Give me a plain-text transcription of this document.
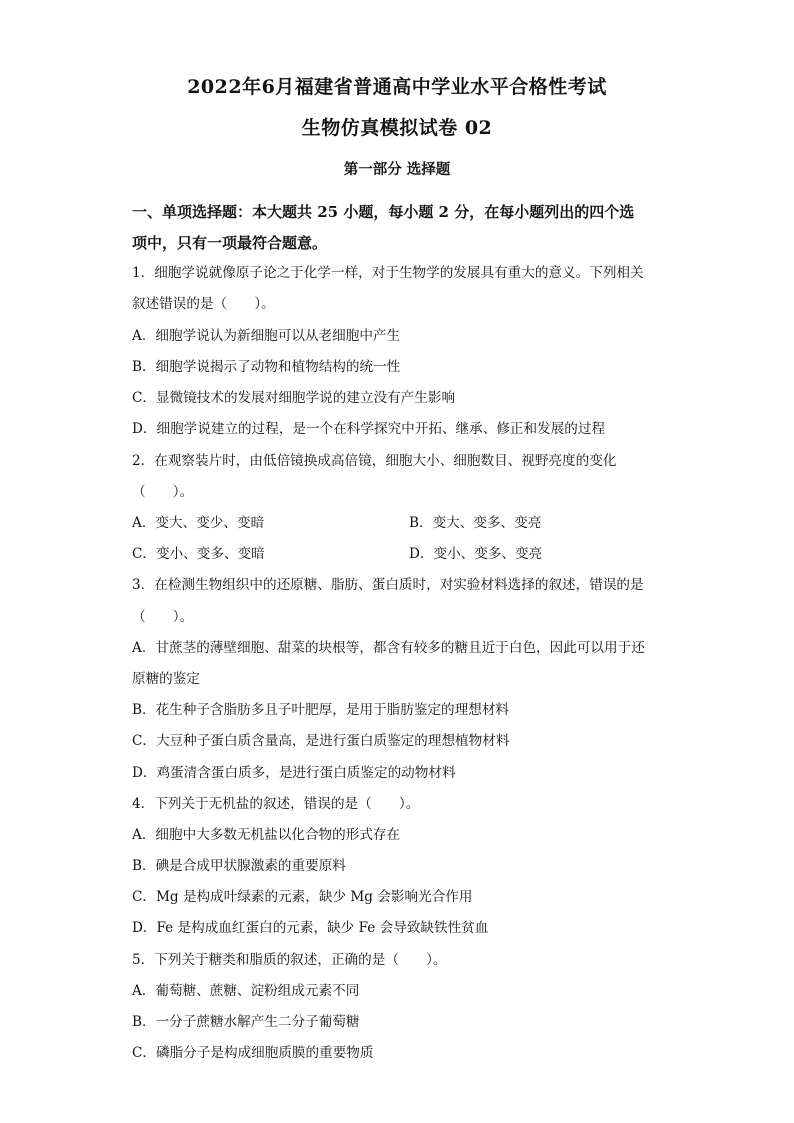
2022年6月福建省普通高中学业水平合格性考试
生物仿真模拟试卷 02
第一部分 选择题
一、单项选择题：本大题共 25 小题，每小题 2 分，在每小题列出的四个选
项中，只有一项最符合题意。
1．细胞学说就像原子论之于化学一样，对于生物学的发展具有重大的意义。下列相关
叙述错误的是（　　）。
A．细胞学说认为新细胞可以从老细胞中产生
B．细胞学说揭示了动物和植物结构的统一性
C．显微镜技术的发展对细胞学说的建立没有产生影响
D．细胞学说建立的过程，是一个在科学探究中开拓、继承、修正和发展的过程
2．在观察装片时，由低倍镜换成高倍镜，细胞大小、细胞数目、视野亮度的变化
（　　）。
A．变大、变少、变暗	B．变大、变多、变亮
C．变小、变多、变暗	D．变小、变多、变亮
3．在检测生物组织中的还原糖、脂肪、蛋白质时，对实验材料选择的叙述，错误的是
（　　）。
A．甘蔗茎的薄壁细胞、甜菜的块根等，都含有较多的糖且近于白色，因此可以用于还
原糖的鉴定
B．花生种子含脂肪多且子叶肥厚，是用于脂肪鉴定的理想材料
C．大豆种子蛋白质含量高，是进行蛋白质鉴定的理想植物材料
D．鸡蛋清含蛋白质多，是进行蛋白质鉴定的动物材料
4．下列关于无机盐的叙述，错误的是（　　）。
A．细胞中大多数无机盐以化合物的形式存在
B．碘是合成甲状腺激素的重要原料
C．Mg 是构成叶绿素的元素，缺少 Mg 会影响光合作用
D．Fe 是构成血红蛋白的元素，缺少 Fe 会导致缺铁性贫血
5．下列关于糖类和脂质的叙述，正确的是（　　）。
A．葡萄糖、蔗糖、淀粉组成元素不同
B．一分子蔗糖水解产生二分子葡萄糖
C．磷脂分子是构成细胞质膜的重要物质
